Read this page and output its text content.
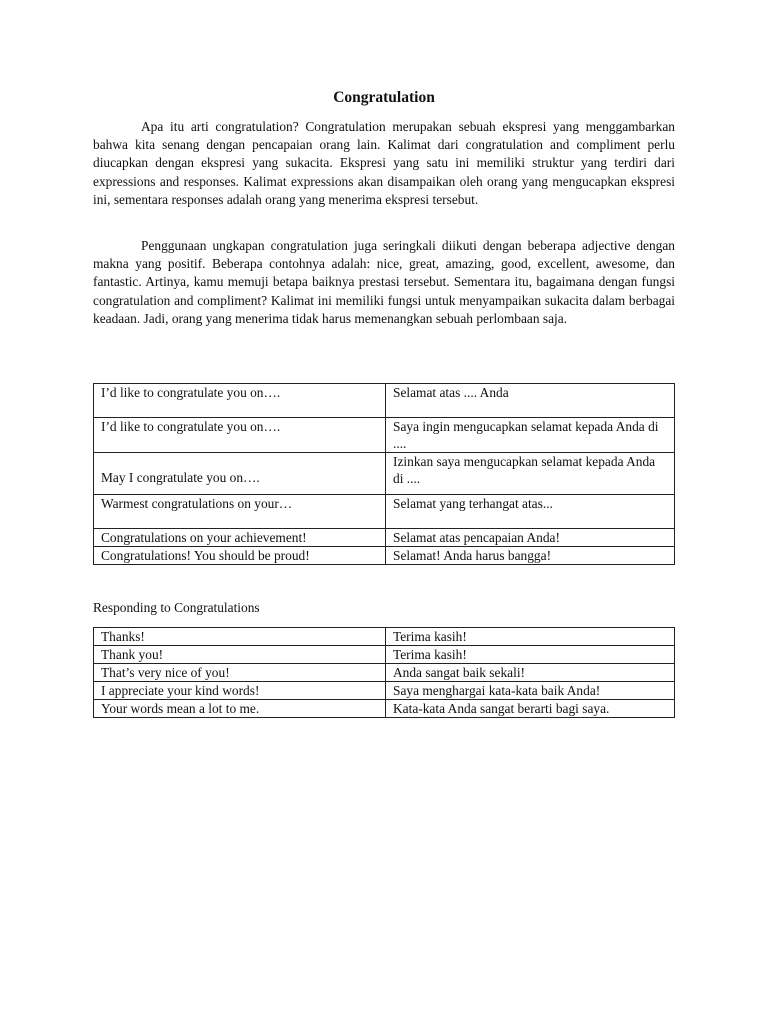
Congratulation

Apa itu arti congratulation? Congratulation merupakan sebuah ekspresi yang menggambarkan bahwa kita senang dengan pencapaian orang lain. Kalimat dari congratulation and compliment perlu diucapkan dengan ekspresi yang sukacita. Ekspresi yang satu ini memiliki struktur yang terdiri dari expressions and responses. Kalimat expressions akan disampaikan oleh orang yang mengucapkan ekspresi ini, sementara responses adalah orang yang menerima ekspresi tersebut.

Penggunaan ungkapan congratulation juga seringkali diikuti dengan beberapa adjective dengan makna yang positif. Beberapa contohnya adalah: nice, great, amazing, good, excellent, awesome, dan fantastic. Artinya, kamu memuji betapa baiknya prestasi tersebut. Sementara itu, bagaimana dengan fungsi congratulation and compliment? Kalimat ini memiliki fungsi untuk menyampaikan sukacita dalam berbagai keadaan. Jadi, orang yang menerima tidak harus memenangkan sebuah perlombaan saja.

I’d like to congratulate you on….	Selamat atas .... Anda
I’d like to congratulate you on….	Saya ingin mengucapkan selamat kepada Anda di ....
May I congratulate you on….	Izinkan saya mengucapkan selamat kepada Anda di ....
Warmest congratulations on your…	Selamat yang terhangat atas...
Congratulations on your achievement!	Selamat atas pencapaian Anda!
Congratulations! You should be proud!	Selamat! Anda harus bangga!
Responding to Congratulations
Thanks!	Terima kasih!
Thank you!	Terima kasih!
That’s very nice of you!	Anda sangat baik sekali!
I appreciate your kind words!	Saya menghargai kata-kata baik Anda!
Your words mean a lot to me.	Kata-kata Anda sangat berarti bagi saya.
